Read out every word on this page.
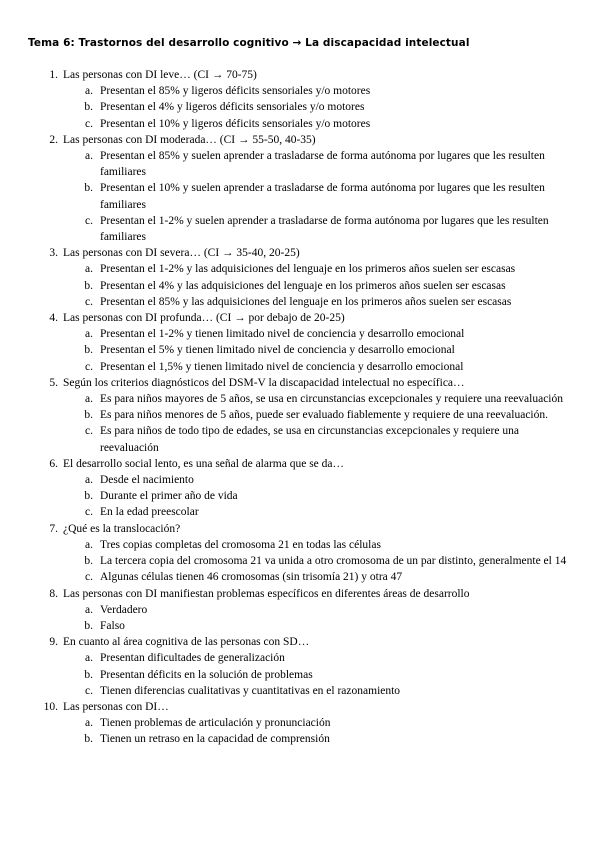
Tema 6: Trastornos del desarrollo cognitivo → La discapacidad intelectual
1. Las personas con DI leve… (CI → 70-75)
a. Presentan el 85% y ligeros déficits sensoriales y/o motores
b. Presentan el 4% y ligeros déficits sensoriales y/o motores
c. Presentan el 10% y ligeros déficits sensoriales y/o motores
2. Las personas con DI moderada… (CI → 55-50, 40-35)
a. Presentan el 85% y suelen aprender a trasladarse de forma autónoma por lugares que les resulten familiares
b. Presentan el 10% y suelen aprender a trasladarse de forma autónoma por lugares que les resulten familiares
c. Presentan el 1-2% y suelen aprender a trasladarse de forma autónoma por lugares que les resulten familiares
3. Las personas con DI severa… (CI → 35-40, 20-25)
a. Presentan el 1-2% y las adquisiciones del lenguaje en los primeros años suelen ser escasas
b. Presentan el 4% y las adquisiciones del lenguaje en los primeros años suelen ser escasas
c. Presentan el 85% y las adquisiciones del lenguaje en los primeros años suelen ser escasas
4. Las personas con DI profunda… (CI → por debajo de 20-25)
a. Presentan el 1-2% y tienen limitado nivel de conciencia y desarrollo emocional
b. Presentan el 5% y tienen limitado nivel de conciencia y desarrollo emocional
c. Presentan el 1,5% y tienen limitado nivel de conciencia y desarrollo emocional
5. Según los criterios diagnósticos del DSM-V la discapacidad intelectual no específica…
a. Es para niños mayores de 5 años, se usa en circunstancias excepcionales y requiere una reevaluación
b. Es para niños menores de 5 años, puede ser evaluado fiablemente y requiere de una reevaluación.
c. Es para niños de todo tipo de edades, se usa en circunstancias excepcionales y requiere una reevaluación
6. El desarrollo social lento, es una señal de alarma que se da…
a. Desde el nacimiento
b. Durante el primer año de vida
c. En la edad preescolar
7. ¿Qué es la translocación?
a. Tres copias completas del cromosoma 21 en todas las células
b. La tercera copia del cromosoma 21 va unida a otro cromosoma de un par distinto, generalmente el 14
c. Algunas células tienen 46 cromosomas (sin trisomía 21) y otra 47
8. Las personas con DI manifiestan problemas específicos en diferentes áreas de desarrollo
a. Verdadero
b. Falso
9. En cuanto al área cognitiva de las personas con SD…
a. Presentan dificultades de generalización
b. Presentan déficits en la solución de problemas
c. Tienen diferencias cualitativas y cuantitativas en el razonamiento
10. Las personas con DI…
a. Tienen problemas de articulación y pronunciación
b. Tienen un retraso en la capacidad de comprensión
